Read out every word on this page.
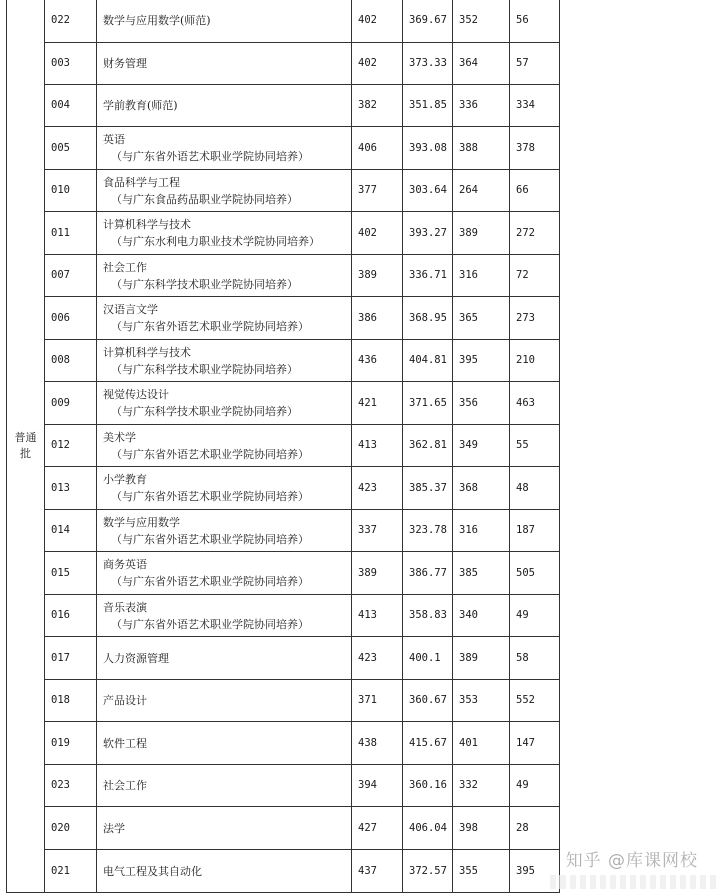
普通
批	022	数学与应用数学(师范)	402	369.67	352	56
	003	财务管理	402	373.33	364	57
	004	学前教育(师范)	382	351.85	336	334
	005	英语
（与广东省外语艺术职业学院协同培养）	406	393.08	388	378
	010	食品科学与工程
（与广东食品药品职业学院协同培养）	377	303.64	264	66
	011	计算机科学与技术
（与广东水利电力职业技术学院协同培养）	402	393.27	389	272
	007	社会工作
（与广东科学技术职业学院协同培养）	389	336.71	316	72
	006	汉语言文学
（与广东省外语艺术职业学院协同培养）	386	368.95	365	273
	008	计算机科学与技术
（与广东科学技术职业学院协同培养）	436	404.81	395	210
	009	视觉传达设计
（与广东科学技术职业学院协同培养）	421	371.65	356	463
	012	美术学
（与广东省外语艺术职业学院协同培养）	413	362.81	349	55
	013	小学教育
（与广东省外语艺术职业学院协同培养）	423	385.37	368	48
	014	数学与应用数学
（与广东省外语艺术职业学院协同培养）	337	323.78	316	187
	015	商务英语
（与广东省外语艺术职业学院协同培养）	389	386.77	385	505
	016	音乐表演
（与广东省外语艺术职业学院协同培养）	413	358.83	340	49
	017	人力资源管理	423	400.1	389	58
	018	产品设计	371	360.67	353	552
	019	软件工程	438	415.67	401	147
	023	社会工作	394	360.16	332	49
	020	法学	427	406.04	398	28
	021	电气工程及其自动化	437	372.57	355	395 知乎 @库课网校
